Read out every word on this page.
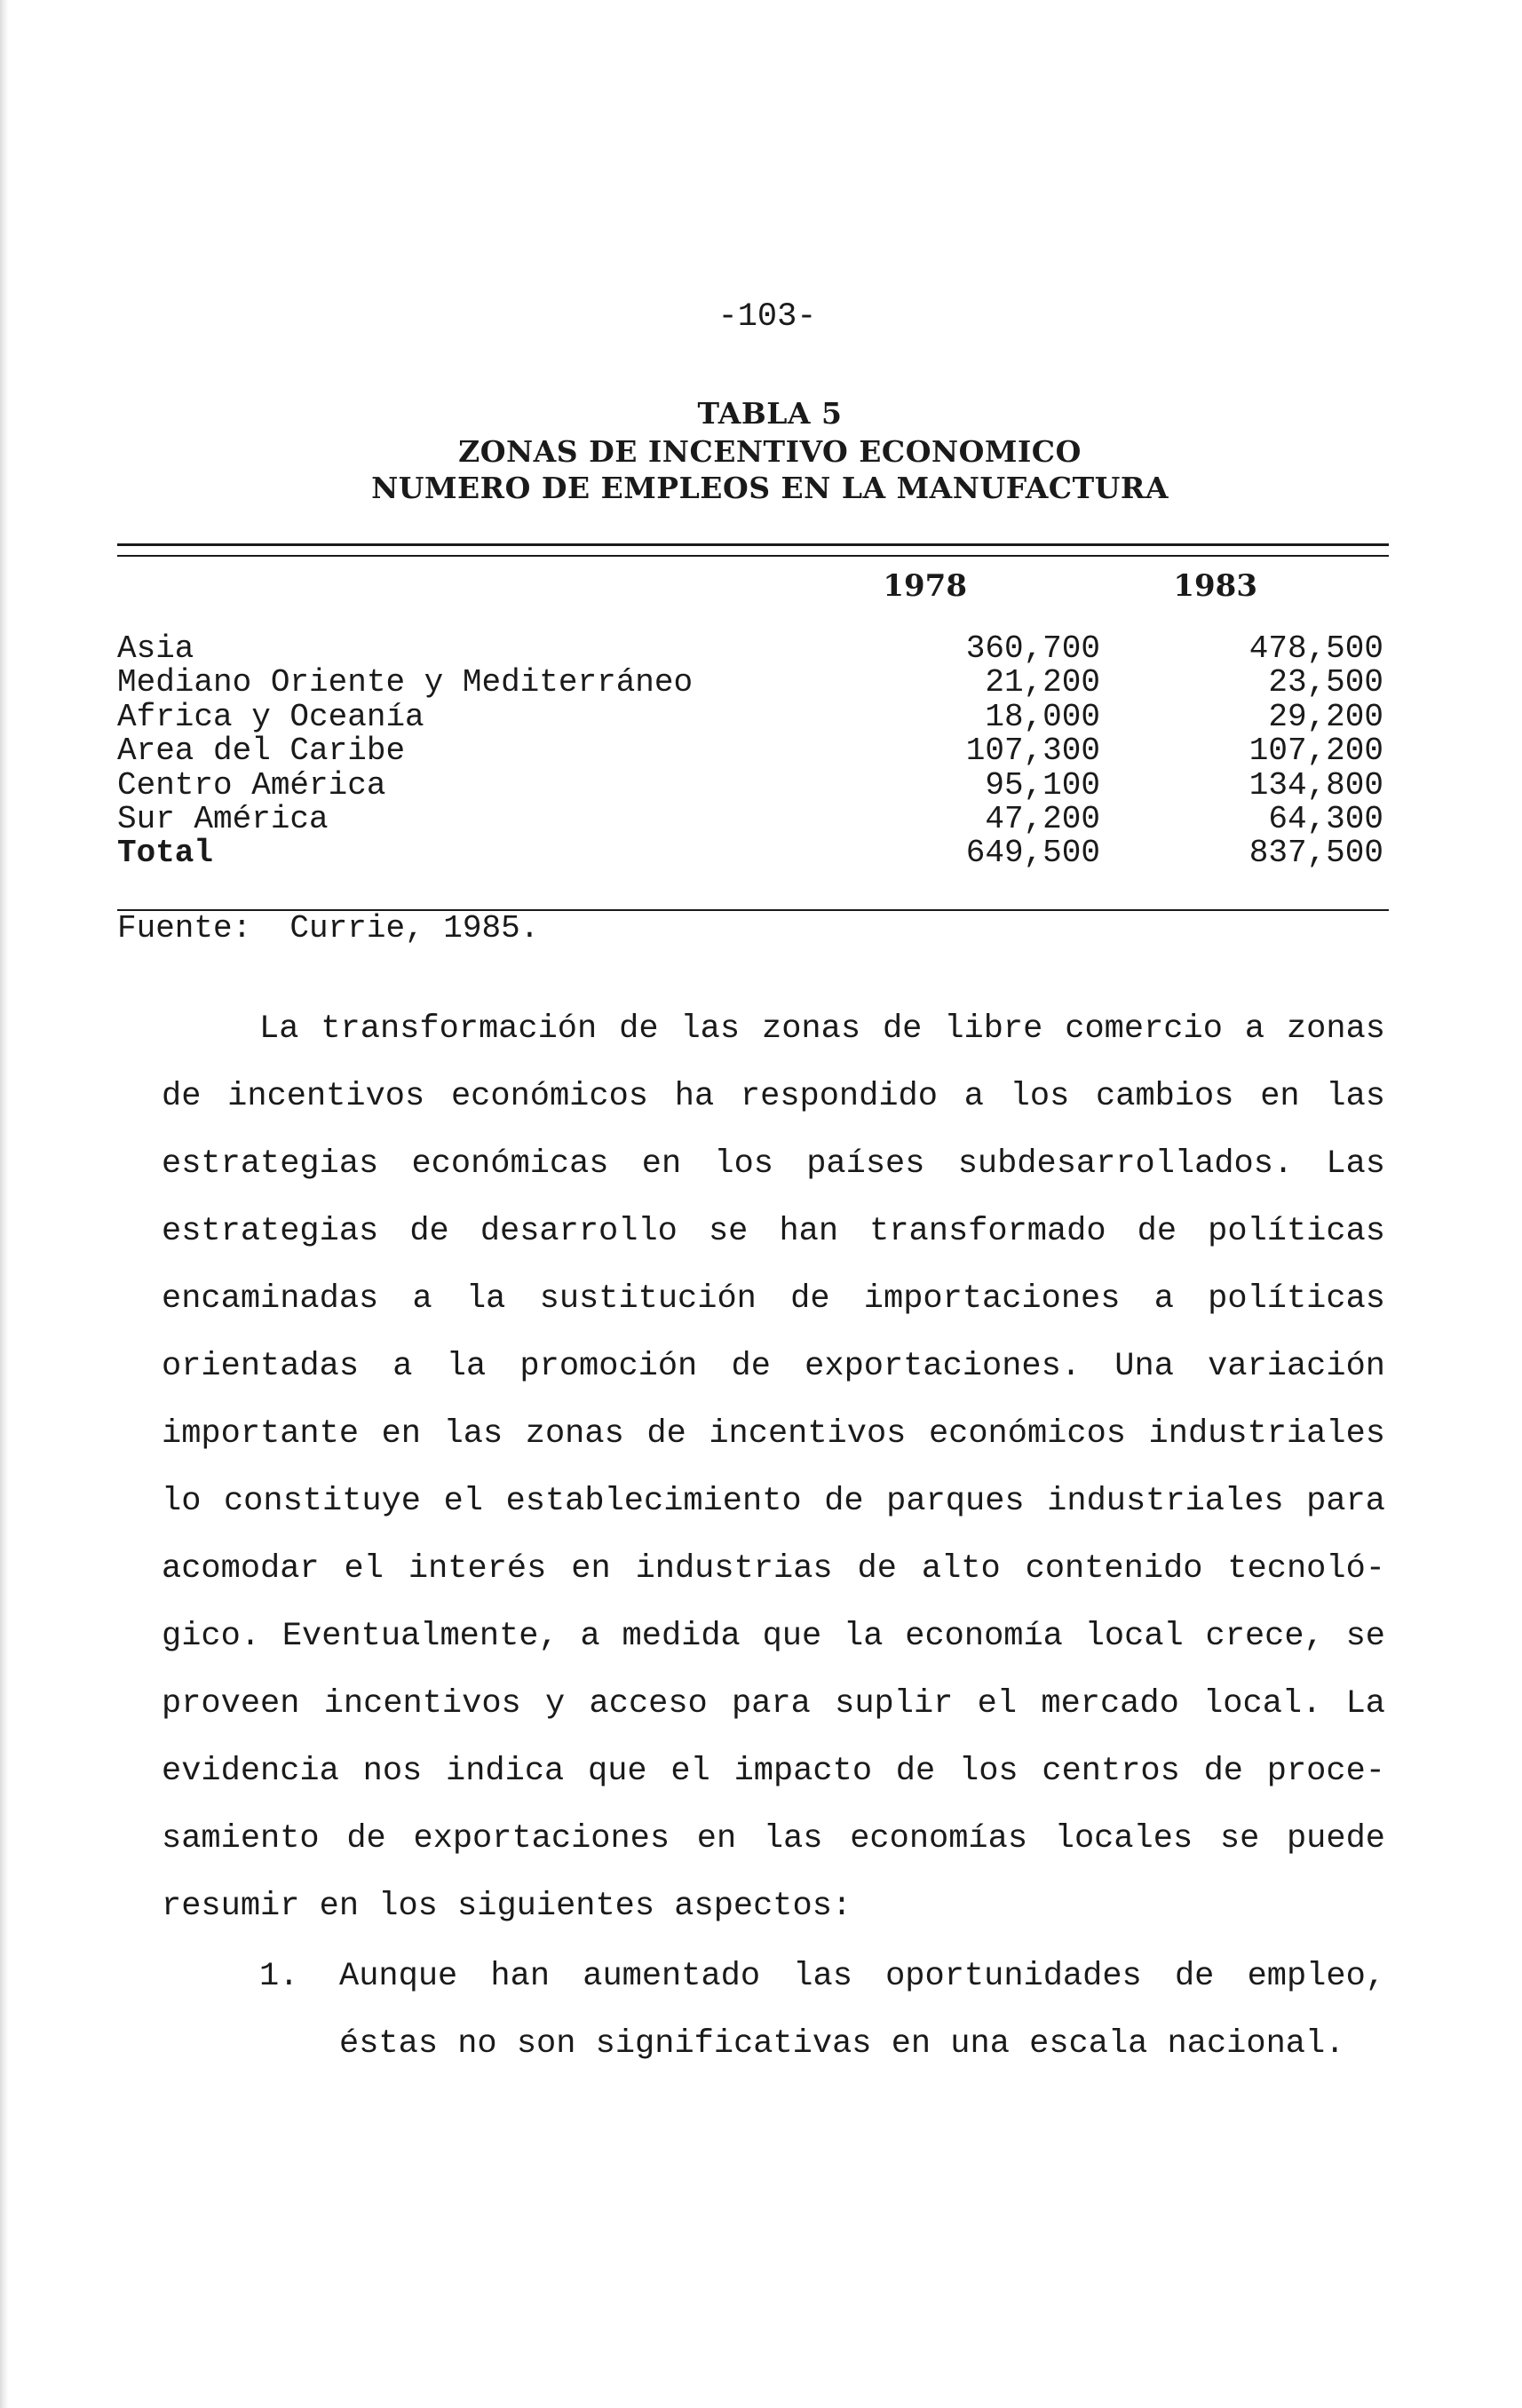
-103-
TABLA 5
ZONAS DE INCENTIVO ECONOMICO
NUMERO DE EMPLEOS EN LA MANUFACTURA
1978	1983
Asia	360,700	478,500
Mediano Oriente y Mediterráneo	21,200	23,500
Africa y Oceanía	18,000	29,200
Area del Caribe	107,300	107,200
Centro América	95,100	134,800
Sur América	47,200	64,300
Total	649,500	837,500
Fuente:  Currie, 1985.
La transformación de las zonas de libre comercio a zonas
de incentivos económicos ha respondido a los cambios en las
estrategias económicas en los países subdesarrollados. Las
estrategias de desarrollo se han transformado de políticas
encaminadas a la sustitución de importaciones a políticas
orientadas a la promoción de exportaciones. Una variación
importante en las zonas de incentivos económicos industriales
lo constituye el establecimiento de parques industriales para
acomodar el interés en industrias de alto contenido tecnoló-
gico. Eventualmente, a medida que la economía local crece, se
proveen incentivos y acceso para suplir el mercado local. La
evidencia nos indica que el impacto de los centros de proce-
samiento de exportaciones en las economías locales se puede
resumir en los siguientes aspectos:
1. Aunque han aumentado las oportunidades de empleo,
éstas no son significativas en una escala nacional.
